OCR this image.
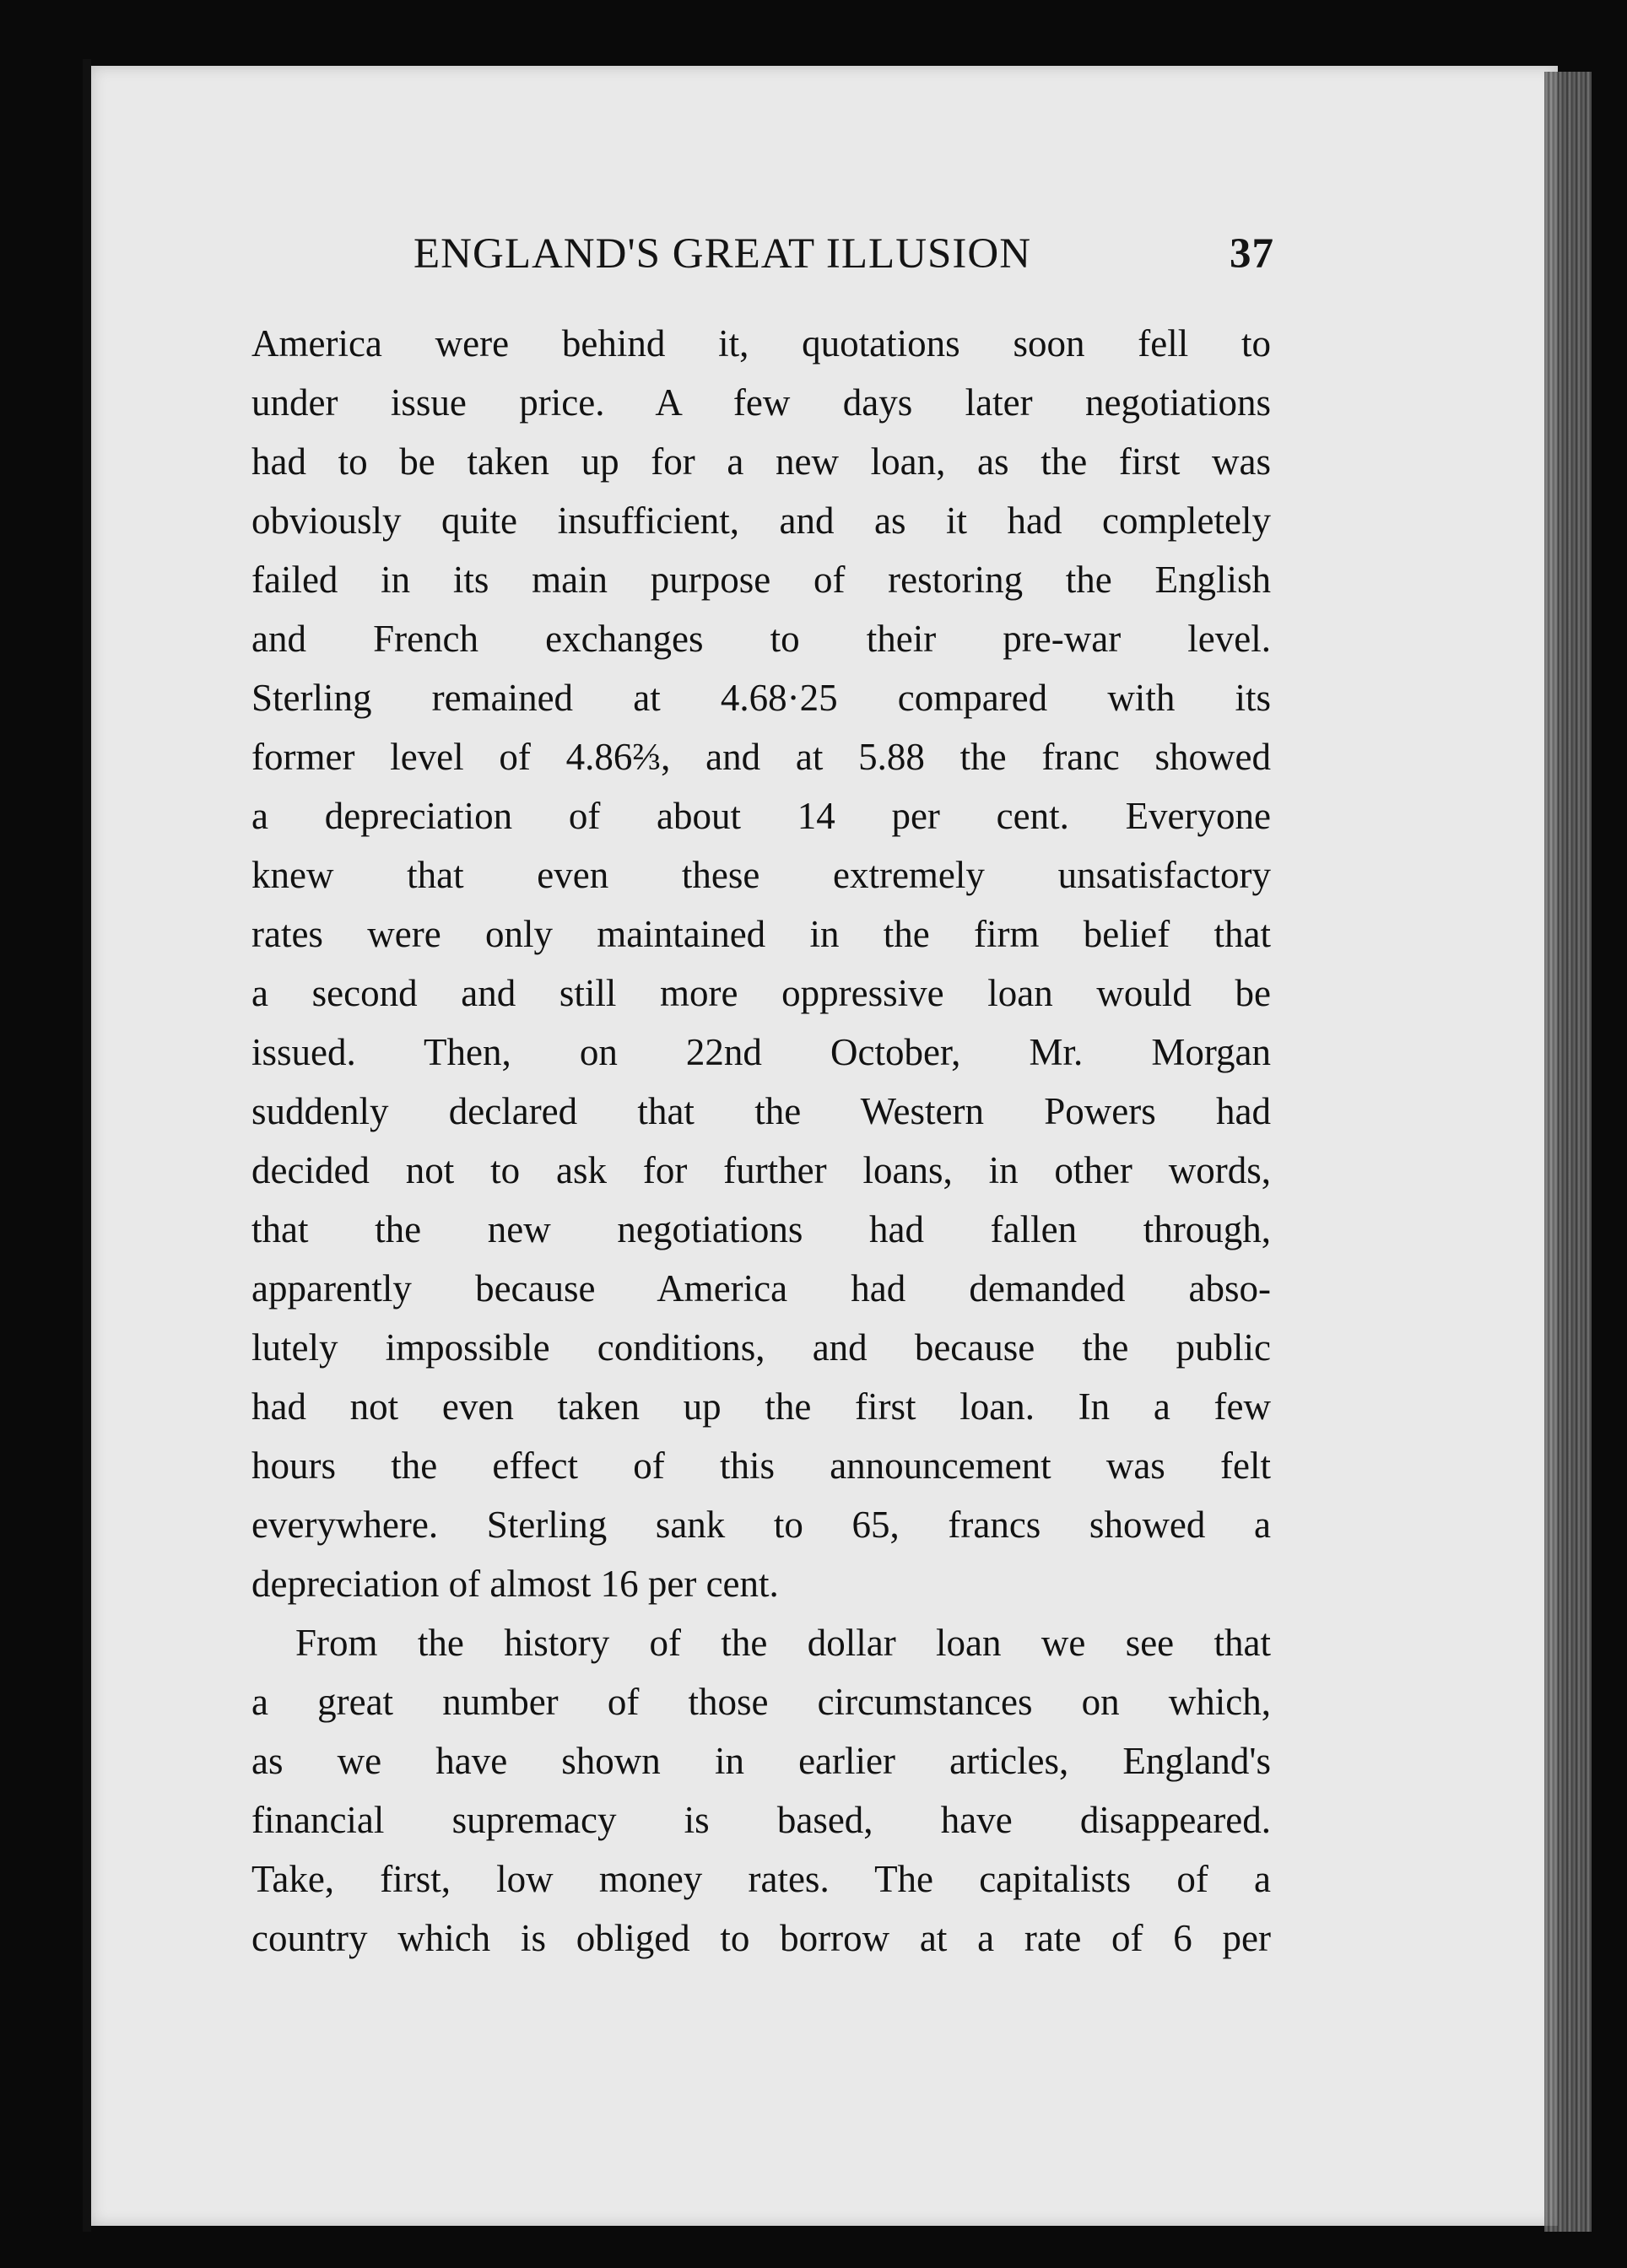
ENGLAND'S GREAT ILLUSION	37
America were behind it, quotations soon fell to
under issue price. A few days later negotiations
had to be taken up for a new loan, as the first was
obviously quite insufficient, and as it had completely
failed in its main purpose of restoring the English
and French exchanges to their pre-war level.
Sterling remained at 4.68·25 compared with its
former level of 4.86⅔, and at 5.88 the franc showed
a depreciation of about 14 per cent. Everyone
knew that even these extremely unsatisfactory
rates were only maintained in the firm belief that
a second and still more oppressive loan would be
issued. Then, on 22nd October, Mr. Morgan
suddenly declared that the Western Powers had
decided not to ask for further loans, in other words,
that the new negotiations had fallen through,
apparently because America had demanded abso-
lutely impossible conditions, and because the public
had not even taken up the first loan. In a few
hours the effect of this announcement was felt
everywhere. Sterling sank to 65, francs showed a
depreciation of almost 16 per cent.
From the history of the dollar loan we see that
a great number of those circumstances on which,
as we have shown in earlier articles, England's
financial supremacy is based, have disappeared.
Take, first, low money rates. The capitalists of a
country which is obliged to borrow at a rate of 6 per
